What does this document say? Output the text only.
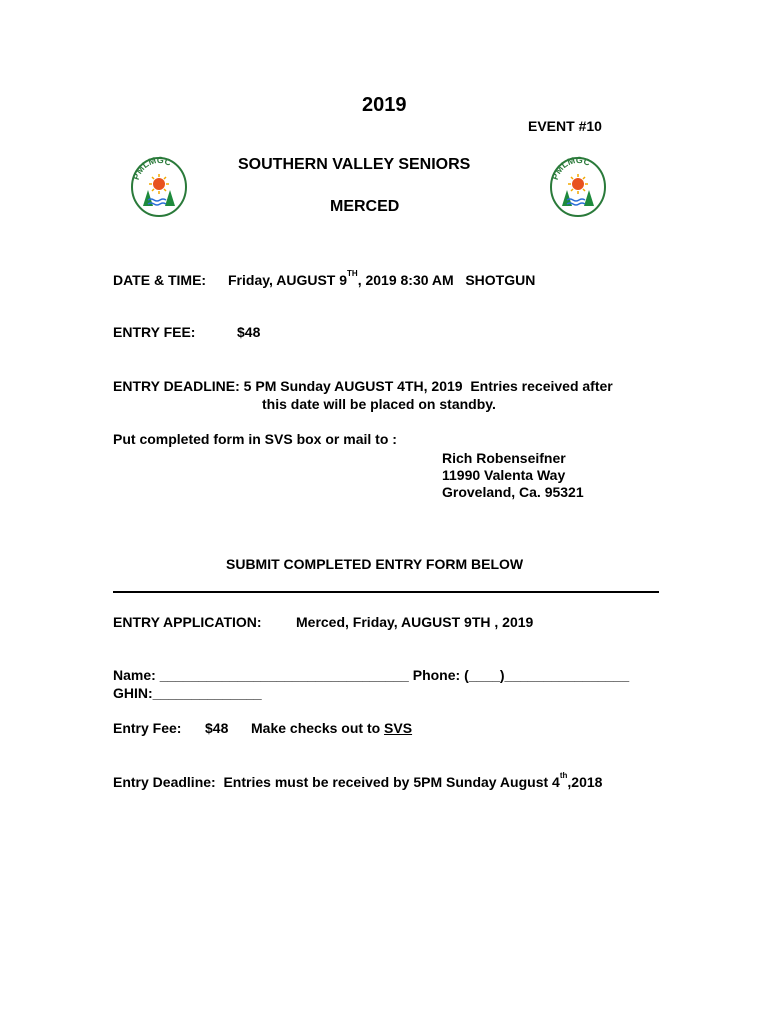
2019
EVENT #10
SOUTHERN VALLEY SENIORS
MERCED
PMLMGC
PMLMGC
DATE & TIME: Friday, AUGUST 9TH, 2019 8:30 AM   SHOTGUN
ENTRY FEE:	$48
ENTRY DEADLINE: 5 PM Sunday AUGUST 4TH, 2019  Entries received after
this date will be placed on standby.
Put completed form in SVS box or mail to :
Rich Robenseifner
11990 Valenta Way
Groveland, Ca. 95321
SUBMIT COMPLETED ENTRY FORM BELOW
ENTRY APPLICATION: Merced, Friday, AUGUST 9TH , 2019
Name: ________________________________ Phone: (____)________________
GHIN:______________
Entry Fee: $48 Make checks out to SVS
Entry Deadline:  Entries must be received by 5PM Sunday August 4th,2018
